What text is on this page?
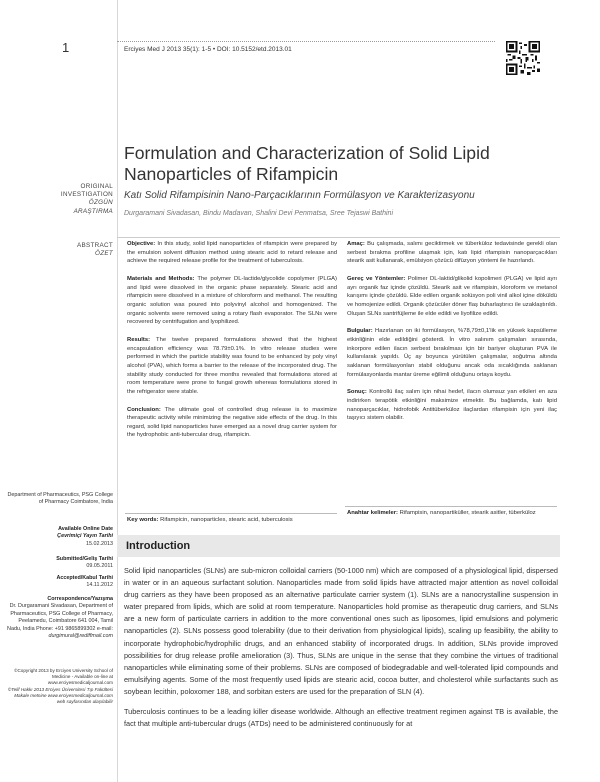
1	Erciyes Med J 2013 35(1): 1-5 • DOI: 10.5152/etd.2013.01
ORIGINAL
INVESTIGATION
ÖZGÜN
ARAŞTIRMA
Formulation and Characterization of Solid Lipid Nanoparticles of Rifampicin
Katı Solid Rifampisinin Nano-Parçacıklarının Formülasyon ve Karakterizasyonu
Durgaramani Sivadasan, Bindu Madavan, Shalini Devi Penmatsa, Sree Tejaswi Bathini
ABSTRACT
ÖZET

Objective: In this study, solid lipid nanoparticles of rifampicin were prepared by the emulsion solvent diffusion method using stearic acid to retard release and achieve the required release profile for the treatment of tuberculosis.

Materials and Methods: The polymer DL-lactide/glycolide copolymer (PLGA) and lipid were dissolved in the organic phase separately. Stearic acid and rifampicin were dissolved in a mixture of chloroform and methanol. The resulting organic solution was poured into polyvinyl alcohol and homogenized. The organic solvents were removed using a rotary flash evaporator. The SLNs were recovered by centrifugation and lyophilized.

Results: The twelve prepared formulations showed that the highest encapsulation efficiency was 78.79±0.1%. In vitro release studies were performed in which the particle stability was found to be enhanced by poly vinyl alcohol (PVA), which forms a barrier to the release of the incorporated drug. The stability study conducted for three months revealed that formulations stored at room temperature were prone to fungal growth whereas formulations stored in the refrigerator were stable.

Conclusion: The ultimate goal of controlled drug release is to maximize therapeutic activity while minimizing the negative side effects of the drug. In this regard, solid lipid nanoparticles have emerged as a novel drug carrier system for the hydrophobic anti-tubercular drug, rifampicin.

Key words: Rifampicin, nanoparticles, stearic acid, tuberculosis

Amaç: Bu çalışmada, salımı geciktirmek ve tüberküloz tedavisinde gerekli olan serbest bırakma profiline ulaşmak için, katı lipid rifampisin nanoparçacıkları stearik asit kullanarak, emülsiyon çözücü difüzyon yöntemi ile hazırlandı.

Gereç ve Yöntemler: Polimer DL-laktid/glikolid kopolimeri (PLGA) ve lipid ayrı ayrı organik faz içinde çözüldü. Stearik asit ve rifampisin, kloroform ve metanol karışımı içinde çözüldü. Elde edilen organik solüsyon poli vinil alkol içine döküldü ve homojenize edildi. Organik çözücüler döner flaş buharlaştırıcı ile uzaklaştırıldı. Oluşan SLNs santrifüjleme ile elde edildi ve liyofilize edildi.

Bulgular: Hazırlanan on iki formülasyon, %78,79±0,1'lik en yüksek kapsülleme etkinliğinin elde edildiğini gösterdi. İn vitro salınım çalışmaları sırasında, inkorpore edilen ilacın serbest bırakılması için bir bariyer oluşturan PVA ile kullanılarak yapıldı. Üç ay boyunca yürütülen çalışmalar, soğutma altında saklanan formülasyonları stabil olduğunu ancak oda sıcaklığında saklanan formülasyonlarda mantar üreme eğilimli olduğunu ortaya koydu.

Sonuç: Kontrollü ilaç salım için nihai hedef, ilacın olumsuz yan etkileri en aza indirirken terapötik etkinliğini maksimize etmektir. Bu bağlamda, katı lipid nanoparçacıklar, hidrofobik Antitüberküloz ilaçlardan rifampisin için yeni ilaç taşıyıcı sistem olabilir.

Anahtar kelimeler: Rifampisin, nanopartiküller, stearik asitler, tüberküloz
Department of Pharmaceutics, PSG College of Pharmacy Coimbatore, India
Available Online Date
Çevrimiçi Yayın Tarihi
15.02.2013
Submitted/Geliş Tarihi
09.05.2011
Accepted/Kabul Tarihi
14.11.2012
Correspondence/Yazışma
Dr. Durgaramani Sivadasan, Department of Pharmaceutics, PSG College of Pharmacy, Peelamedu, Coimbatore 641 004, Tamil Nadu, India Phone: +91 9865899302 e-mail:
durgimural@rediffmail.com
©Copyright 2013 by Erciyes University School of Medicine - Available on-line at www.erciyesmedicaljournal.com
©Telif Hakkı 2013 Erciyes Üniversitesi Tıp Fakültesi Makale metnine www.erciyesmedicaljournal.com web sayfasından ulaşılabilir
Introduction

Solid lipid nanoparticles (SLNs) are sub-micron colloidal carriers (50-1000 nm) which are composed of a physiological lipid, dispersed in water or in an aqueous surfactant solution. Nanoparticles made from solid lipids have attracted major attention as novel colloidal drug carriers as they have been proposed as an alternative particulate carrier system (1). SLNs are a nanocrystalline suspension in water prepared from lipids, which are solid at room temperature. Nanoparticles hold promise as therapeutic drug carriers, and SLNs are a new form of particulate carriers in addition to the more conventional ones such as liposomes, lipid emulsions and polymeric nanoparticles (2). SLNs possess good tolerability (due to their derivation from physiological lipids), scaling up feasibility, the ability to incorporate hydrophobic/hydrophilic drugs, and an enhanced stability of incorporated drugs. In addition, SLNs provide improved possibilities for drug release profile amelioration (3). Thus, SLNs are unique in the sense that they combine the virtues of traditional nanoparticles while eliminating some of their problems. SLNs are composed of biodegradable and well-tolerated lipid compounds and emulsifying agents. Some of the most frequently used lipids are stearic acid, cocoa butter, and cholesterol while surfactants such as soybean lecithin, poloxomer 188, and sorbitan esters are used for the preparation of SLN (4).

Tuberculosis continues to be a leading killer disease worldwide. Although an effective treatment regimen against TB is available, the fact that multiple anti-tubercular drugs (ATDs) need to be administered continuously for at
